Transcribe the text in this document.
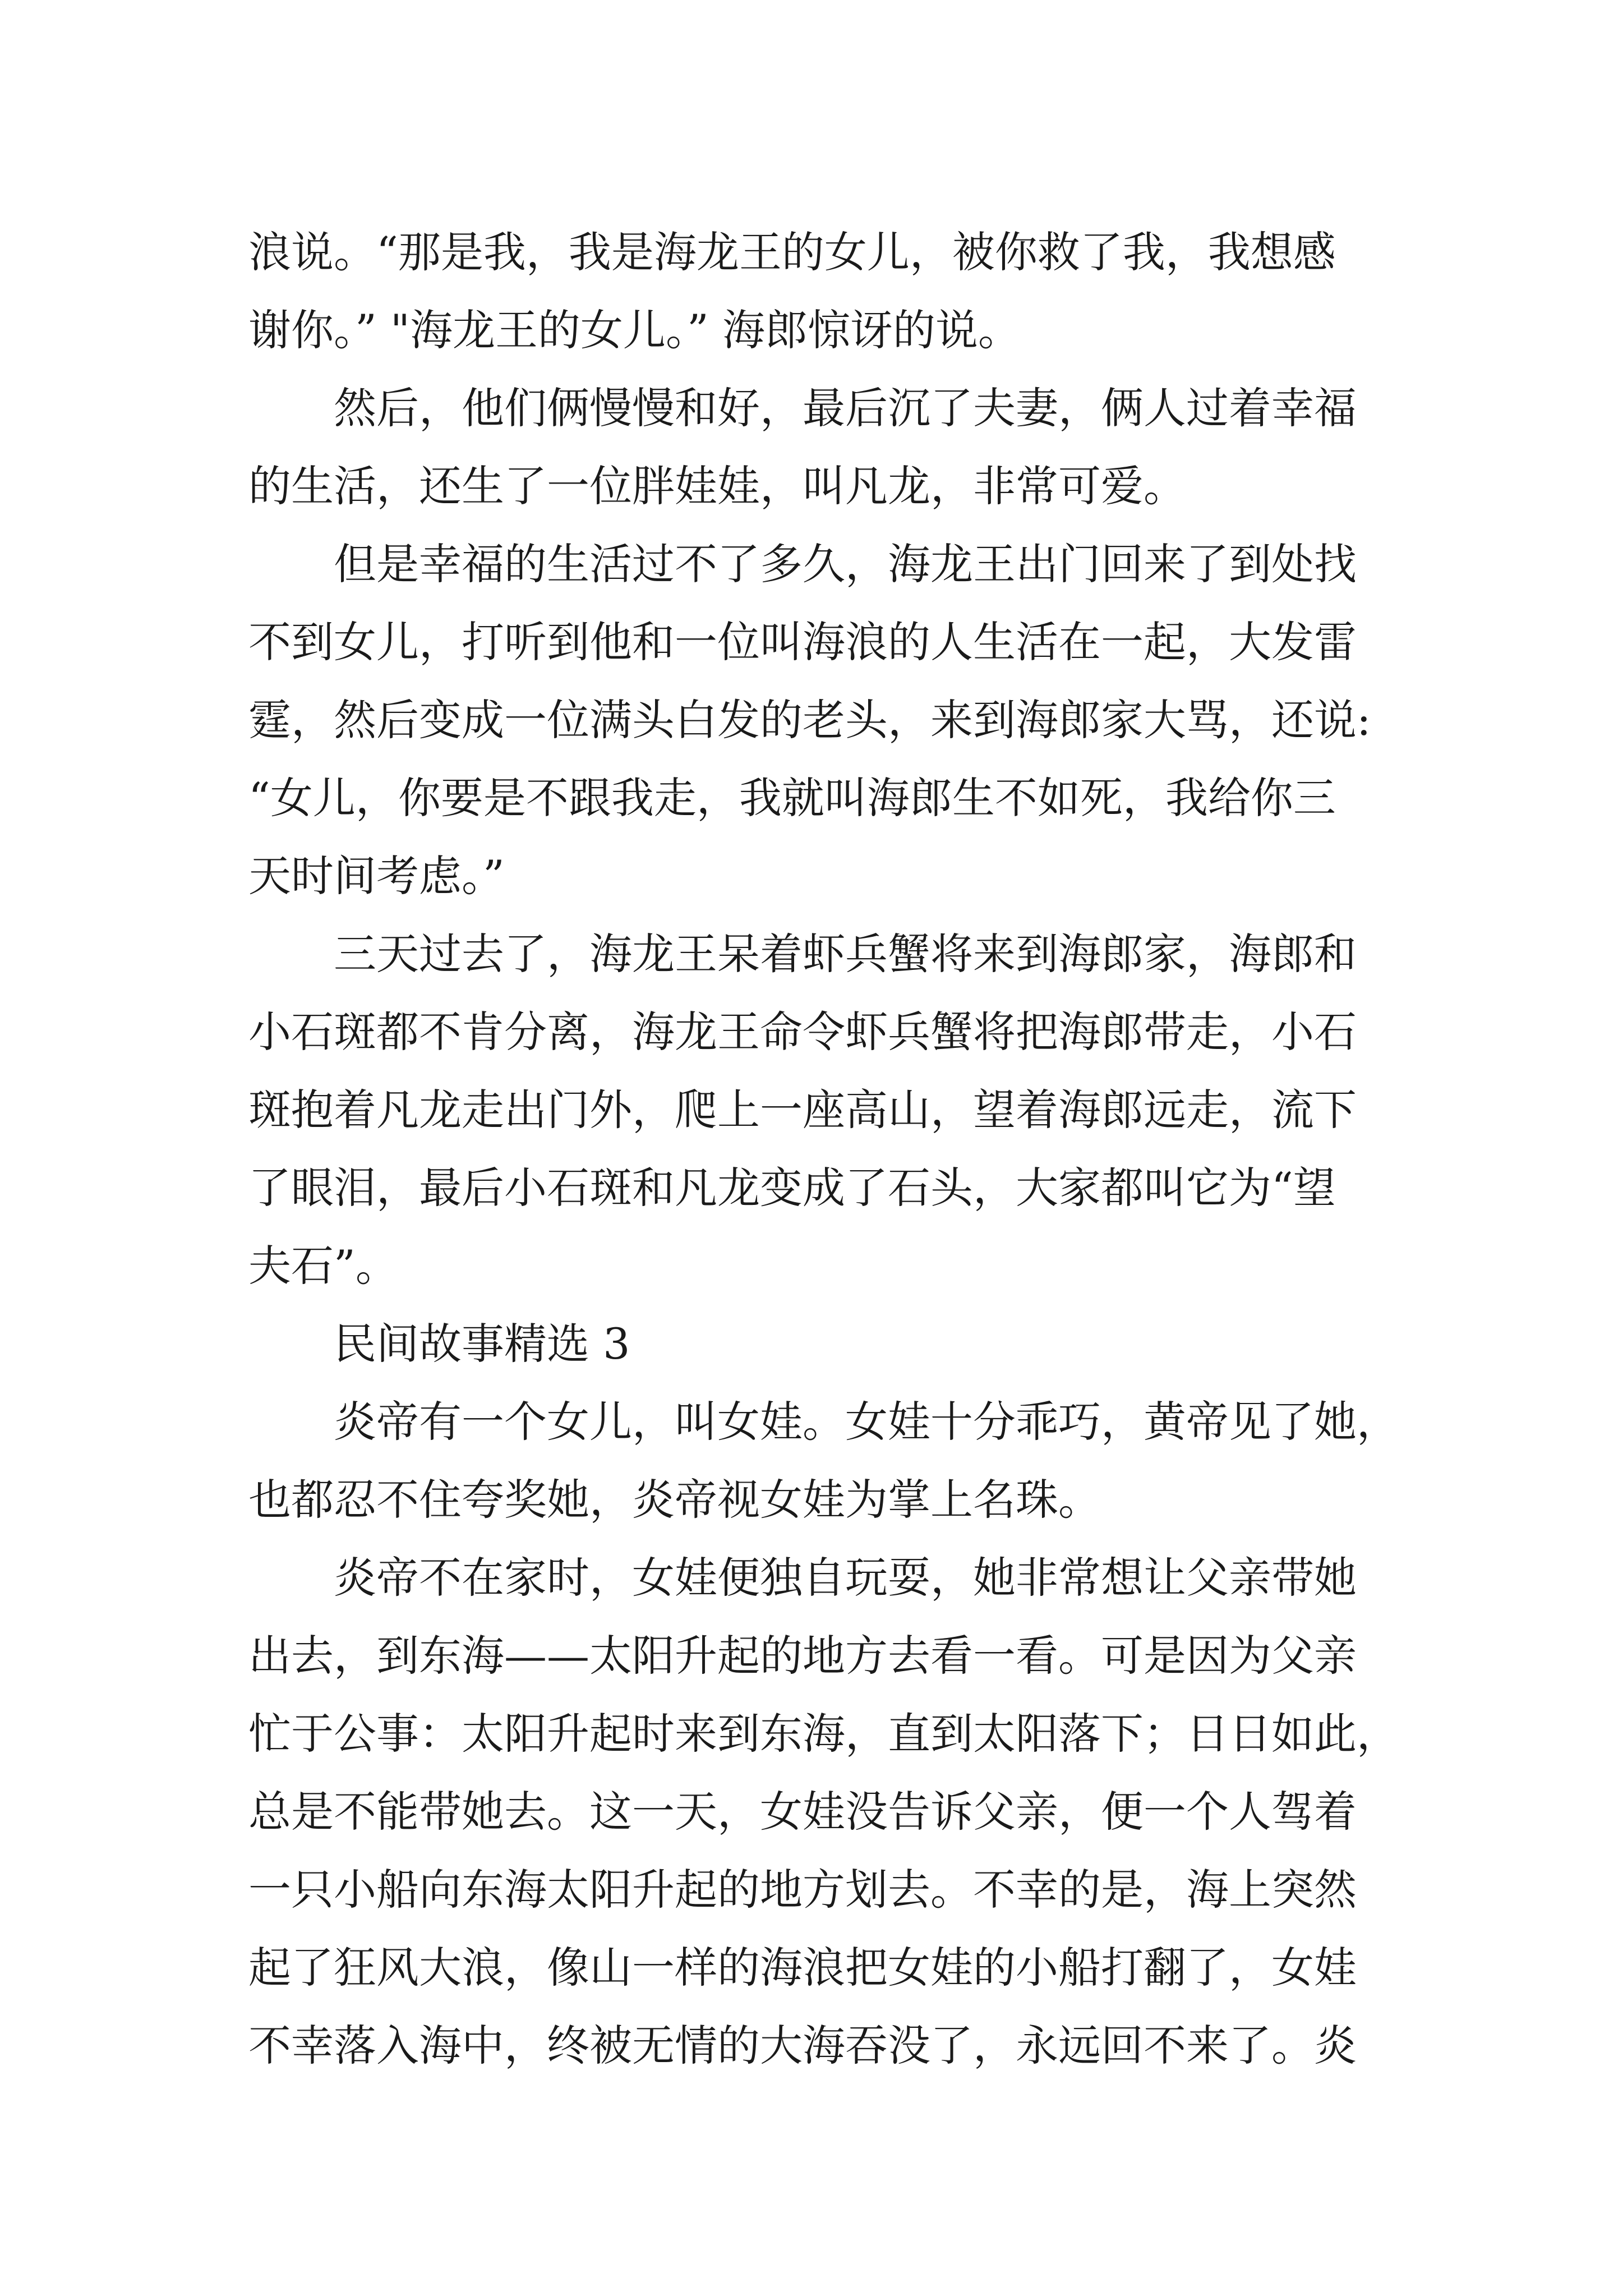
浪说。“那是我，我是海龙王的女儿，被你救了我，我想感
谢你。” "海龙王的女儿。” 海郎惊讶的说。
然后，他们俩慢慢和好，最后沉了夫妻，俩人过着幸福
的生活，还生了一位胖娃娃，叫凡龙，非常可爱。
但是幸福的生活过不了多久，海龙王出门回来了到处找
不到女儿，打听到他和一位叫海浪的人生活在一起，大发雷
霆，然后变成一位满头白发的老头，来到海郎家大骂，还说:
“女儿，你要是不跟我走，我就叫海郎生不如死，我给你三
天时间考虑。”
三天过去了，海龙王呆着虾兵蟹将来到海郎家，海郎和
小石斑都不肯分离，海龙王命令虾兵蟹将把海郎带走，小石
斑抱着凡龙走出门外，爬上一座高山，望着海郎远走，流下
了眼泪，最后小石斑和凡龙变成了石头，大家都叫它为“望
夫石”。
民间故事精选 3
炎帝有一个女儿，叫女娃。女娃十分乖巧，黄帝见了她，
也都忍不住夸奖她，炎帝视女娃为掌上名珠。
炎帝不在家时，女娃便独自玩耍，她非常想让父亲带她
出去，到东海——太阳升起的地方去看一看。可是因为父亲
忙于公事：太阳升起时来到东海，直到太阳落下；日日如此，
总是不能带她去。这一天，女娃没告诉父亲，便一个人驾着
一只小船向东海太阳升起的地方划去。不幸的是，海上突然
起了狂风大浪，像山一样的海浪把女娃的小船打翻了，女娃
不幸落入海中，终被无情的大海吞没了，永远回不来了。炎
